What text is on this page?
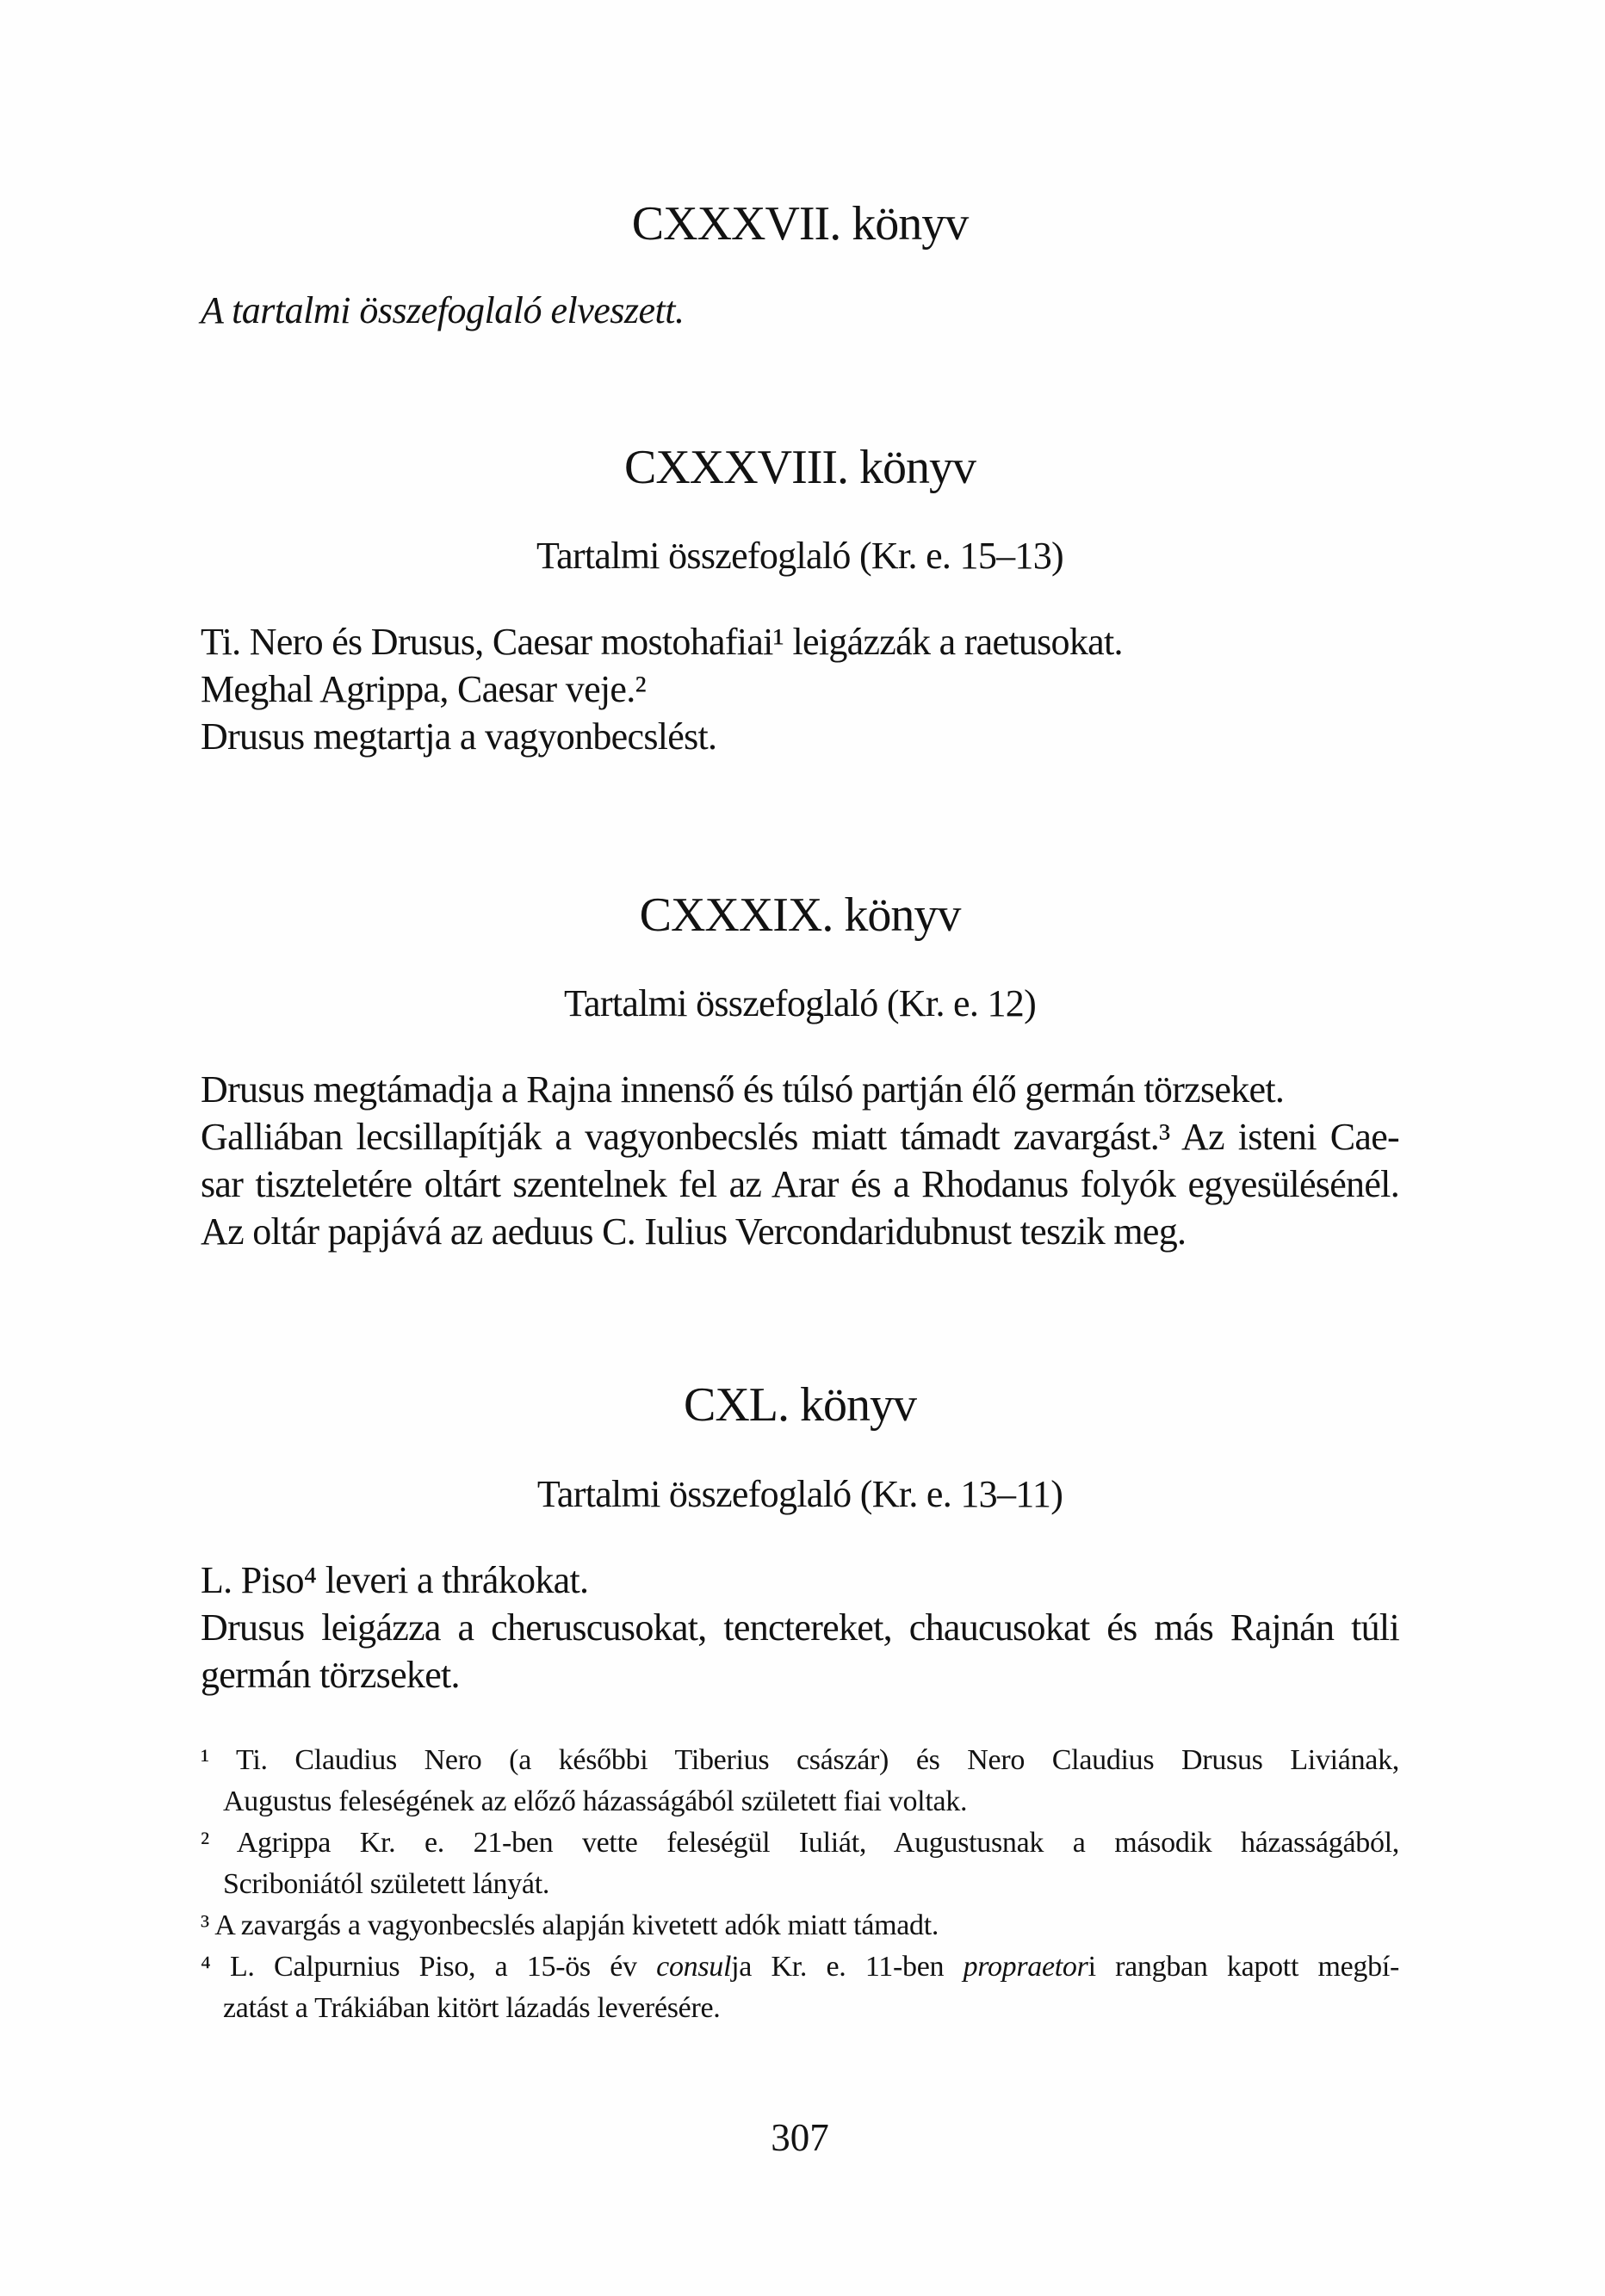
CXXXVII. könyv
A tartalmi összefoglaló elveszett.
CXXXVIII. könyv
Tartalmi összefoglaló (Kr. e. 15–13)
Ti. Nero és Drusus, Caesar mostohafiai¹ leigázzák a raetusokat.
Meghal Agrippa, Caesar veje.²
Drusus megtartja a vagyonbecslést.
CXXXIX. könyv
Tartalmi összefoglaló (Kr. e. 12)
Drusus megtámadja a Rajna innenső és túlsó partján élő germán törzseket.
Galliában lecsillapítják a vagyonbecslés miatt támadt zavargást.³ Az isteni Cae-
sar tiszteletére oltárt szentelnek fel az Arar és a Rhodanus folyók egyesülésénél.
Az oltár papjává az aeduus C. Iulius Vercondaridubnust teszik meg.
CXL. könyv
Tartalmi összefoglaló (Kr. e. 13–11)
L. Piso⁴ leveri a thrákokat.
Drusus leigázza a cheruscusokat, tenctereket, chaucusokat és más Rajnán túli
germán törzseket.
¹ Ti. Claudius Nero (a későbbi Tiberius császár) és Nero Claudius Drusus Liviának,
Augustus feleségének az előző házasságából született fiai voltak.
² Agrippa Kr. e. 21-ben vette feleségül Iuliát, Augustusnak a második házasságából,
Scriboniától született lányát.
³ A zavargás a vagyonbecslés alapján kivetett adók miatt támadt.
⁴ L. Calpurnius Piso, a 15-ös év consulja Kr. e. 11-ben propraetori rangban kapott megbí-
zatást a Trákiában kitört lázadás leverésére.
307
